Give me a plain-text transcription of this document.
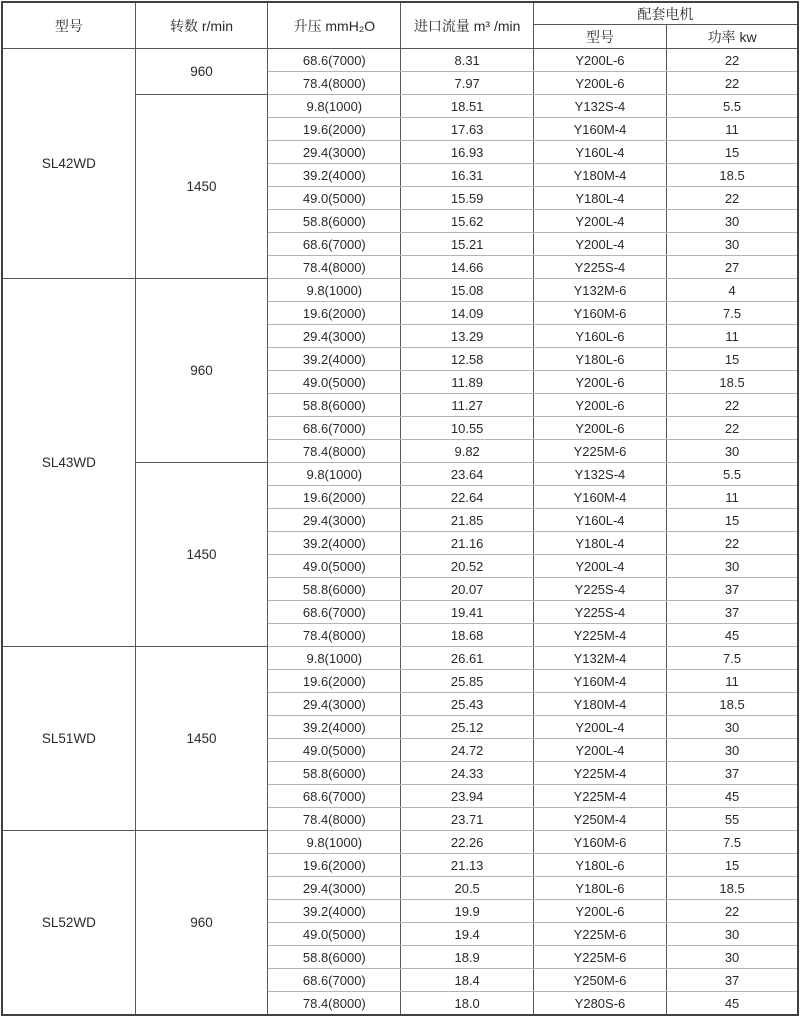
型号	转数 r/min	升压 mmH₂O	进口流量 m³ /min	配套电机	
				型号	功率 kw
SL42WD	960	68.6(7000)	8.31	Y200L-6	22
		78.4(8000)	7.97	Y200L-6	22
	1450	9.8(1000)	18.51	Y132S-4	5.5
		19.6(2000)	17.63	Y160M-4	11
		29.4(3000)	16.93	Y160L-4	15
		39.2(4000)	16.31	Y180M-4	18.5
		49.0(5000)	15.59	Y180L-4	22
		58.8(6000)	15.62	Y200L-4	30
		68.6(7000)	15.21	Y200L-4	30
		78.4(8000)	14.66	Y225S-4	27
SL43WD	960	9.8(1000)	15.08	Y132M-6	4
		19.6(2000)	14.09	Y160M-6	7.5
		29.4(3000)	13.29	Y160L-6	11
		39.2(4000)	12.58	Y180L-6	15
		49.0(5000)	11.89	Y200L-6	18.5
		58.8(6000)	11.27	Y200L-6	22
		68.6(7000)	10.55	Y200L-6	22
		78.4(8000)	9.82	Y225M-6	30
	1450	9.8(1000)	23.64	Y132S-4	5.5
		19.6(2000)	22.64	Y160M-4	11
		29.4(3000)	21.85	Y160L-4	15
		39.2(4000)	21.16	Y180L-4	22
		49.0(5000)	20.52	Y200L-4	30
		58.8(6000)	20.07	Y225S-4	37
		68.6(7000)	19.41	Y225S-4	37
		78.4(8000)	18.68	Y225M-4	45
SL51WD	1450	9.8(1000)	26.61	Y132M-4	7.5
		19.6(2000)	25.85	Y160M-4	11
		29.4(3000)	25.43	Y180M-4	18.5
		39.2(4000)	25.12	Y200L-4	30
		49.0(5000)	24.72	Y200L-4	30
		58.8(6000)	24.33	Y225M-4	37
		68.6(7000)	23.94	Y225M-4	45
		78.4(8000)	23.71	Y250M-4	55
SL52WD	960	9.8(1000)	22.26	Y160M-6	7.5
		19.6(2000)	21.13	Y180L-6	15
		29.4(3000)	20.5	Y180L-6	18.5
		39.2(4000)	19.9	Y200L-6	22
		49.0(5000)	19.4	Y225M-6	30
		58.8(6000)	18.9	Y225M-6	30
		68.6(7000)	18.4	Y250M-6	37
		78.4(8000)	18.0	Y280S-6	45
